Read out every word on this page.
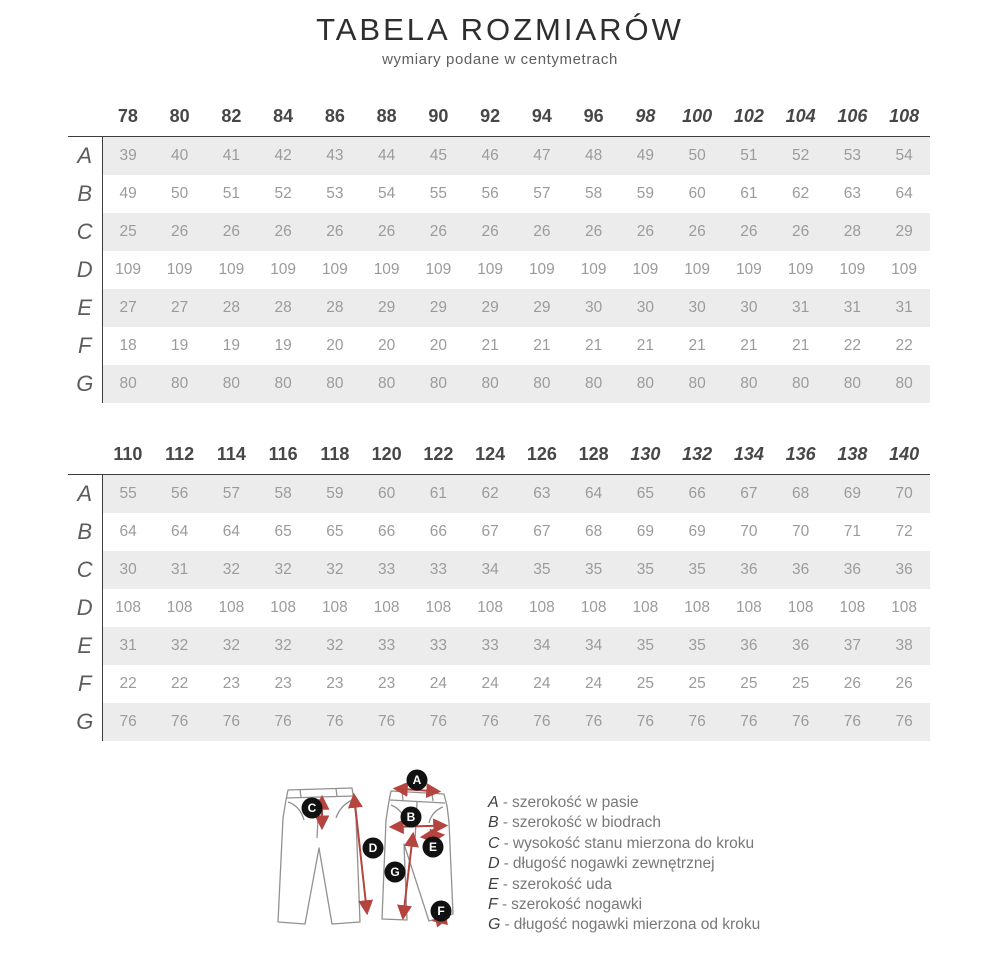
TABELA ROZMIARÓW
wymiary podane w centymetrach
	78	80	82	84	86	88	90	92	94	96	98	100	102	104	106	108
A	39	40	41	42	43	44	45	46	47	48	49	50	51	52	53	54
B	49	50	51	52	53	54	55	56	57	58	59	60	61	62	63	64
C	25	26	26	26	26	26	26	26	26	26	26	26	26	26	28	29
D	109	109	109	109	109	109	109	109	109	109	109	109	109	109	109	109
E	27	27	28	28	28	29	29	29	29	30	30	30	30	31	31	31
F	18	19	19	19	20	20	20	21	21	21	21	21	21	21	22	22
G	80	80	80	80	80	80	80	80	80	80	80	80	80	80	80	80
	110	112	114	116	118	120	122	124	126	128	130	132	134	136	138	140
A	55	56	57	58	59	60	61	62	63	64	65	66	67	68	69	70
B	64	64	64	65	65	66	66	67	67	68	69	69	70	70	71	72
C	30	31	32	32	32	33	33	34	35	35	35	35	36	36	36	36
D	108	108	108	108	108	108	108	108	108	108	108	108	108	108	108	108
E	31	32	32	32	32	33	33	33	34	34	35	35	36	36	37	38
F	22	22	23	23	23	23	24	24	24	24	25	25	25	25	26	26
G	76	76	76	76	76	76	76	76	76	76	76	76	76	76	76	76
A
B
C
D	E
F
G
A - szerokość w pasie
B - szerokość w biodrach
C - wysokość stanu mierzona do kroku
D - długość nogawki zewnętrznej
E - szerokość uda
F - szerokość nogawki
G - długość nogawki mierzona od kroku
